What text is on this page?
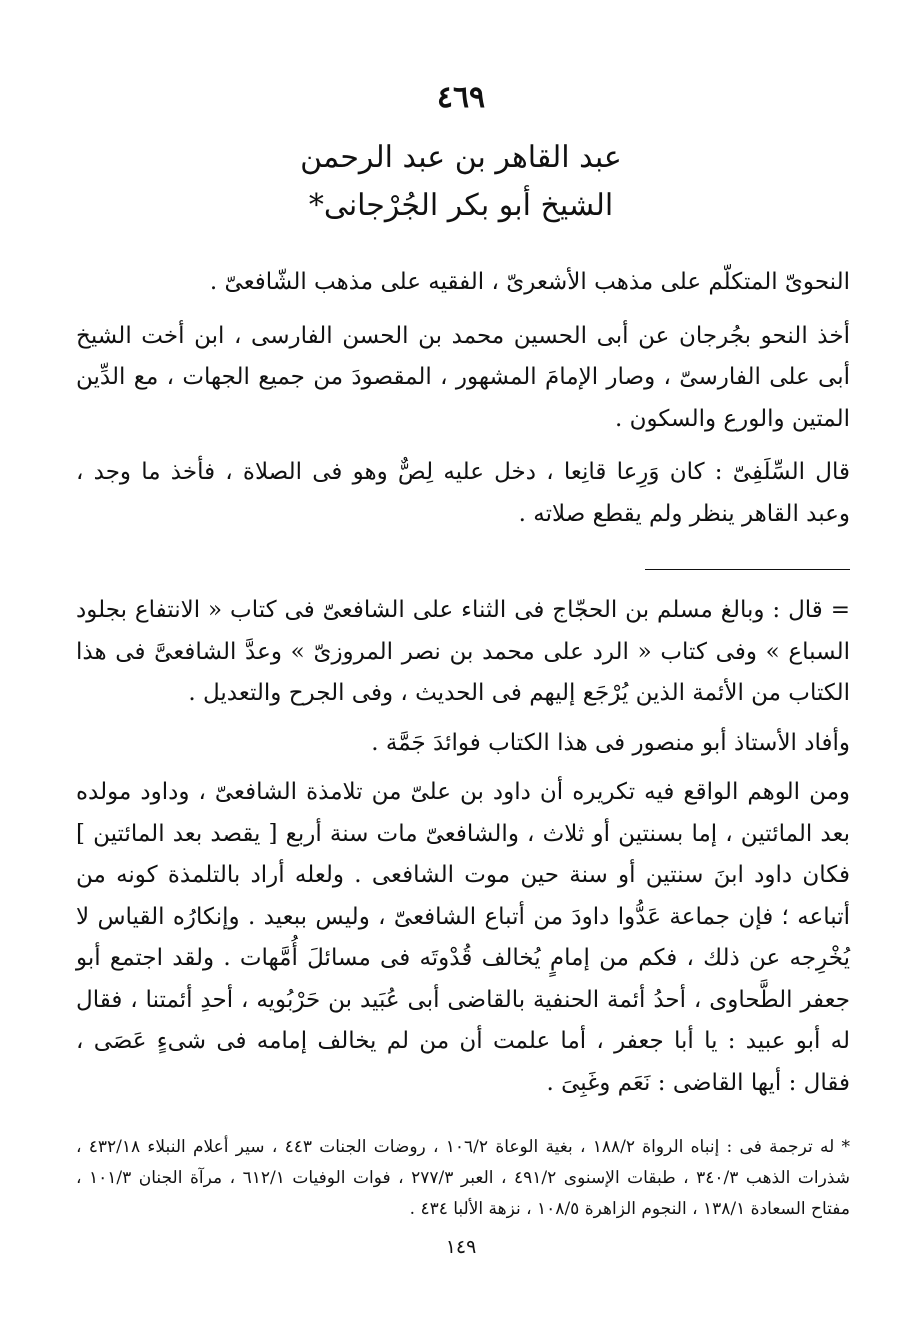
٤٦٩
عبد القاهر بن عبد الرحمن
الشيخ أبو بكر الجُرْجانى*

النحوىّ المتكلّم على مذهب الأشعرىّ ، الفقيه على مذهب الشّافعىّ .

أخذ النحو بجُرجان عن أبى الحسين محمد بن الحسن الفارسى ، ابن أخت الشيخ أبى على الفارسىّ ، وصار الإمامَ المشهور ، المقصودَ من جميع الجهات ، مع الدِّين المتين والورع والسكون .

قال السِّلَفِىّ : كان وَرِعا قانِعا ، دخل عليه لِصٌّ وهو فى الصلاة ، فأخذ ما وجد ، وعبد القاهر ينظر ولم يقطع صلاته .

= قال : وبالغ مسلم بن الحجّاج فى الثناء على الشافعىّ فى كتاب « الانتفاع بجلود السباع » وفى كتاب « الرد على محمد بن نصر المروزىّ » وعدَّ الشافعىَّ فى هذا الكتاب من الأئمة الذين يُرْجَع إليهم فى الحديث ، وفى الجرح والتعديل .

وأفاد الأستاذ أبو منصور فى هذا الكتاب فوائدَ جَمَّة .

ومن الوهم الواقع فيه تكريره أن داود بن علىّ من تلامذة الشافعىّ ، وداود مولده بعد المائتين ، إما بسنتين أو ثلاث ، والشافعىّ مات سنة أربع [ يقصد بعد المائتين ] فكان داود ابنَ سنتين أو سنة حين موت الشافعى . ولعله أراد بالتلمذة كونه من أتباعه ؛ فإن جماعة عَدُّوا داودَ من أتباع الشافعىّ ، وليس ببعيد . وإنكارُه القياس لا يُخْرِجه عن ذلك ، فكم من إمامٍ يُخالف قُدْوتَه فى مسائلَ أُمَّهات . ولقد اجتمع أبو جعفر الطَّحاوى ، أحدُ أئمة الحنفية بالقاضى أبى عُبَيد بن حَرْبُويه ، أحدِ أئمتنا ، فقال له أبو عبيد : يا أبا جعفر ، أما علمت أن من لم يخالف إمامه فى شىءٍ عَصَى ، فقال : أيها القاضى : نَعَم وغَبِىَ .

* له ترجمة فى : إنباه الرواة ١٨٨/٢ ، بغية الوعاة ١٠٦/٢ ، روضات الجنات ٤٤٣ ، سير أعلام النبلاء ٤٣٢/١٨ ، شذرات الذهب ٣٤٠/٣ ، طبقات الإسنوى ٤٩١/٢ ، العبر ٢٧٧/٣ ، فوات الوفيات ٦١٢/١ ، مرآة الجنان ١٠١/٣ ، مفتاح السعادة ١٣٨/١ ، النجوم الزاهرة ١٠٨/٥ ، نزهة الألبا ٤٣٤ .

١٤٩
